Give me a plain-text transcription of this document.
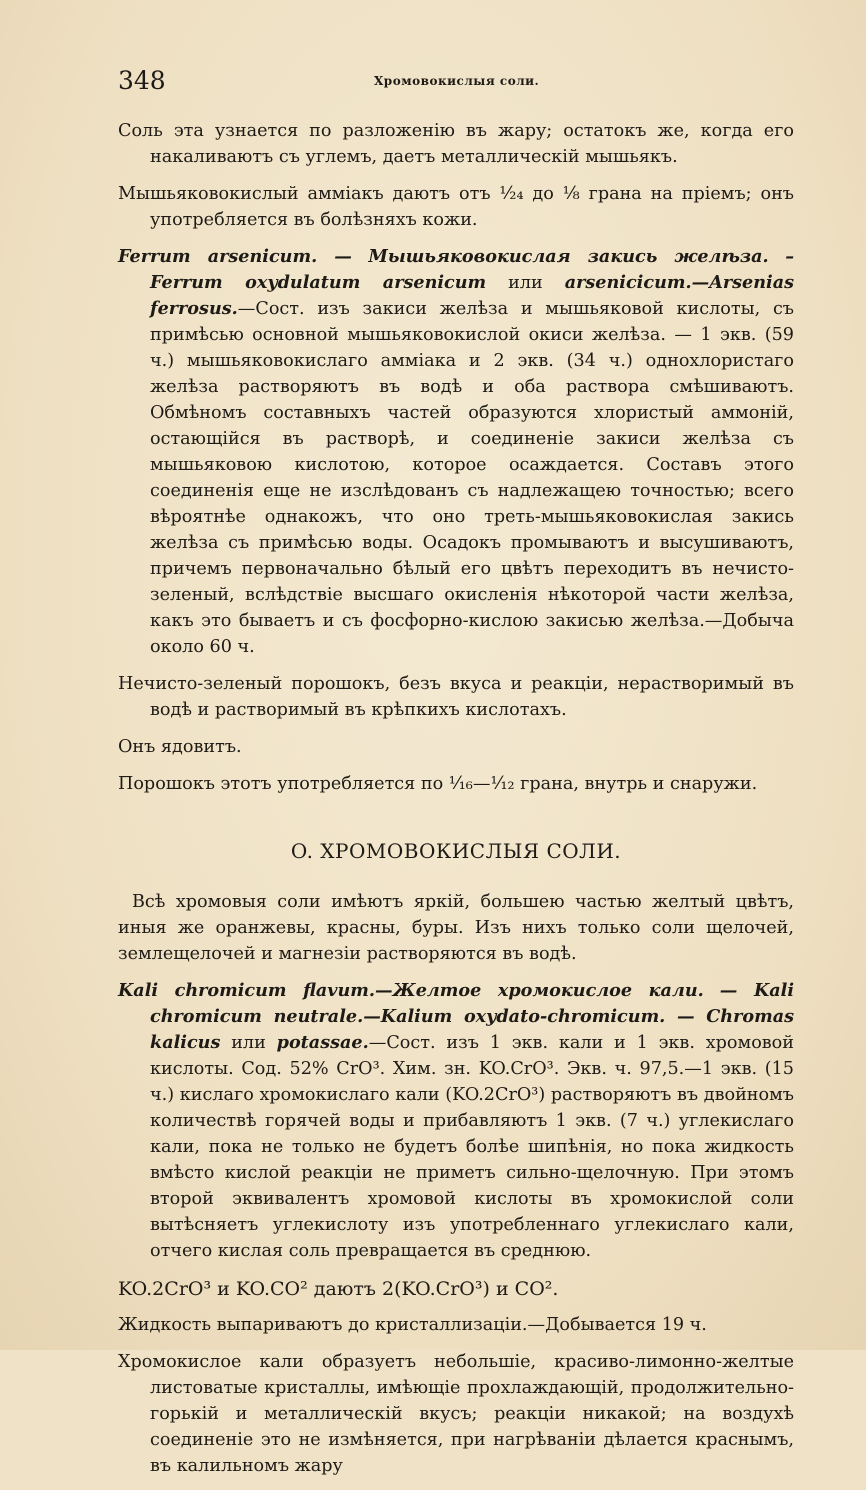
348	Хромовокислыя соли.

Соль эта узнается по разложенію въ жару; остатокъ же, когда его накаливаютъ съ углемъ, даетъ металлическій мышьякъ.

Мышьяковокислый амміакъ даютъ отъ ¹⁄₂₄ до ¹⁄₈ грана на пріемъ; онъ употребляется въ болѣзняхъ кожи.

Ferrum arsenicum. — Мышьяковокислая закись желѣза. – Ferrum oxydulatum arsenicum или arsenicicum.—Arsenias ferrosus.—Сост. изъ закиси желѣза и мышьяковой кислоты, съ примѣсью основной мышьяковокислой окиси желѣза. — 1 экв. (59 ч.) мышьяковокислаго амміака и 2 экв. (34 ч.) однохлористаго желѣза растворяютъ въ водѣ и оба раствора смѣшиваютъ. Обмѣномъ составныхъ частей образуются хлористый аммоній, остающійся въ растворѣ, и соединеніе закиси желѣза съ мышьяковою кислотою, которое осаждается. Составъ этого соединенія еще не изслѣдованъ съ надлежащею точностью; всего вѣроятнѣе однакожъ, что оно треть-мышьяковокислая закись желѣза съ примѣсью воды. Осадокъ промываютъ и высушиваютъ, причемъ первоначально бѣлый его цвѣтъ переходитъ въ нечисто-зеленый, вслѣдствіе высшаго окисленія нѣкоторой части желѣза, какъ это бываетъ и съ фосфорно-кислою закисью желѣза.—Добыча около 60 ч.

Нечисто-зеленый порошокъ, безъ вкуса и реакціи, нерастворимый въ водѣ и растворимый въ крѣпкихъ кислотахъ.

Онъ ядовитъ.

Порошокъ этотъ употребляется по ¹⁄₁₆—¹⁄₁₂ грана, внутрь и снаружи.

O. ХРОМОВОКИСЛЫЯ СОЛИ.

Всѣ хромовыя соли имѣютъ яркій, большею частью желтый цвѣтъ, иныя же оранжевы, красны, буры. Изъ нихъ только соли щелочей, землещелочей и магнезіи растворяются въ водѣ.

Kali chromicum flavum.—Желтое хромокислое кали. — Kali chromicum neutrale.—Kalium oxydato-chromicum. — Chromas kalicus или potassae.—Сост. изъ 1 экв. кали и 1 экв. хромовой кислоты. Сод. 52% CrO³. Хим. зн. KO.CrO³. Экв. ч. 97,5.—1 экв. (15 ч.) кислаго хромокислаго кали (KO.2CrO³) растворяютъ въ двойномъ количествѣ горячей воды и прибавляютъ 1 экв. (7 ч.) углекислаго кали, пока не только не будетъ болѣе шипѣнія, но пока жидкость вмѣсто кислой реакціи не приметъ сильно-щелочную. При этомъ второй эквивалентъ хромовой кислоты въ хромокислой соли вытѣсняетъ углекислоту изъ употребленнаго углекислаго кали, отчего кислая соль превращается въ среднюю.

KO.2CrO³ и KO.CO² даютъ 2(KO.CrO³) и CO².

Жидкость выпариваютъ до кристаллизаціи.—Добывается 19 ч.

Хромокислое кали образуетъ небольшіе, красиво-лимонно-желтые листоватые кристаллы, имѣющіе прохлаждающій, продолжительно-горькій и металлическій вкусъ; реакціи никакой; на воздухѣ соединеніе это не измѣняется, при нагрѣваніи дѣлается краснымъ, въ калильномъ жару
